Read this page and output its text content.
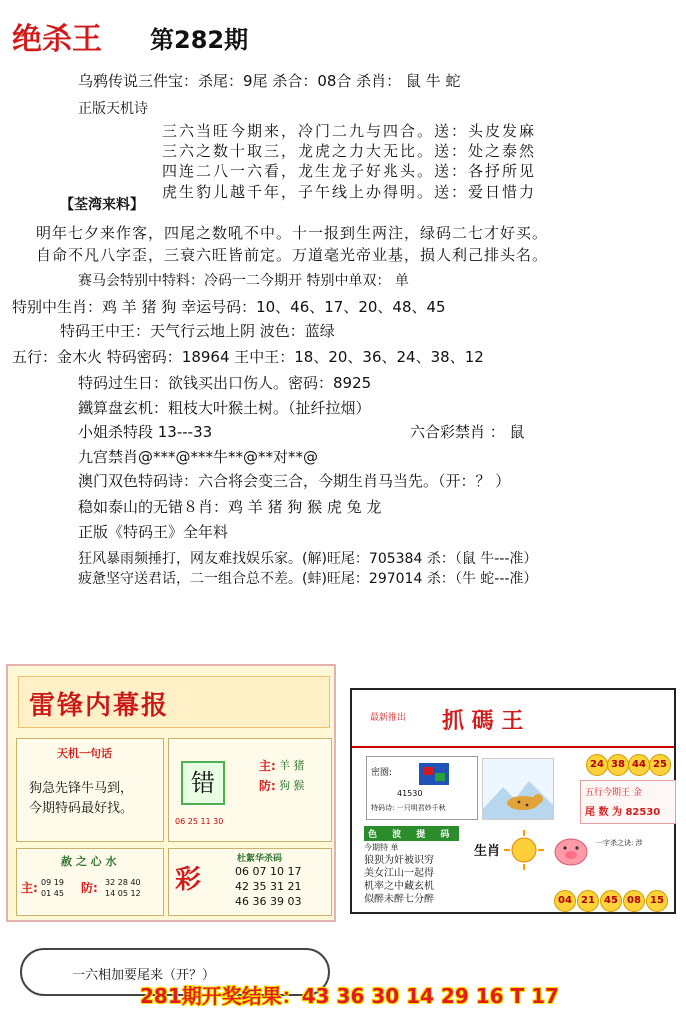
绝杀王 第282期
乌鸦传说三件宝：杀尾：9尾 杀合：08合 杀肖： 鼠 牛 蛇
正版天机诗
三六当旺今期来，冷门二九与四合。送：头皮发麻
三六之数十取三，龙虎之力大无比。送：处之泰然
四连二八一六看，龙生龙子好兆头。送：各抒所见
虎生豹儿越千年，子午线上办得明。送：爱日惜力
【荃湾来料】
明年七夕来作客，四尾之数吼不中。十一报到生两注，绿码二七才好买。
自命不凡八字歪，三衰六旺皆前定。万道毫光帝业基，损人利己排头名。
赛马会特别中特料：冷码一二今期开 特别中单双： 单
特别中生肖：鸡 羊 猪 狗 幸运号码：10、46、17、20、48、45
特码王中王：天气行云地上阴 波色：蓝绿
五行：金木火 特码密码：18964 王中王：18、20、36、24、38、12
特码过生日：欲钱买出口伤人。密码：8925
鐵算盘玄机：粗枝大叶猴土树。（扯纤拉烟）
小姐杀特段 13---33	六合彩禁肖 ： 鼠
九宫禁肖@***@***牛**@**对**@
澳门双色特码诗：六合将会变三合，今期生肖马当先。（开：？ ）
稳如泰山的无错８肖：鸡 羊 猪 狗 猴 虎 兔 龙
正版《特码王》全年料
狂风暴雨频捶打，网友难找娱乐家。(解)旺尾：705384 杀：（鼠 牛---准）
疲惫坚守送君话，二一组合总不差。(蚌)旺尾：297014 杀：（牛 蛇---准）
雷锋内幕报
天机一句话
狗急先锋牛马到，
今期特码最好找。
错
06 25 11 30
主: 羊 猪
防: 狗 猴
赦 之 心 水
主: 09 19
01 45 防: 32 28 40
14 05 12 彩
杜絮华杀码
06 07 10 17
42 35 31 21
46 36 39 03
最新推出 抓 碼 王
密圈:
41530
特码诗: 一只明君妙千秋
24 38 44 25
五行今期王 金
尾 数 为 82530
色 波 提 码
今期特 单
狼狈为奸被识穷
美女江山一起得
机率之中藏玄机
似醉未醉七分醉
生肖
一字杀之诀: 涉
04 21 45 08 15
一六相加要尾来（开？）
281期开奖结果：43 36 30 14 29 16 T 17
